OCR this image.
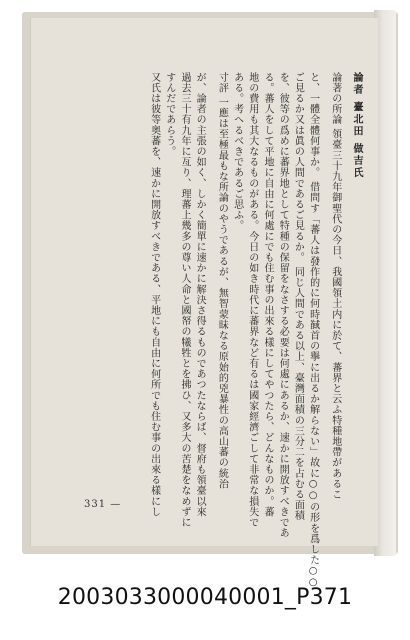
論者 臺北田 做吉氏
論著の所論 領臺三十九年御聖代の今日、我國領土内に於て、蕃界と云ふ特種地帶があるこ
と、一體全體何事か。 借問す「蕃人は發作的に何時馘首の擧に出るか解らない」故に○○の形を爲した○○
ご見るか又は眞の人間であるご見るか。 同じ人間である以上、臺灣面積の三分二を占むる面積
を、彼等の爲めに蕃界地として特種の保留をなさする必要は何處にあるか、速かに開放すべきであ
る。蕃人をして平地に自由に何處にでも住む事の出來る樣にしてやつたら、どんなものか。蕃
地の費用も其大なるものがある。今日の如き時代に蕃界など有るは國家經濟ごして非常な損失で
ある。考へるべきであるご思ふ。
寸評 一應は至極最もな所論のやうであるが、無智蒙昧なる原始的兇暴性の高山蕃の統治
が、論者の主張の如く、しかく簡單に速かに解決さ得るものであつたならば、督府も領臺以來
過去三十有九年に亙り、理蕃上幾多の尊い人命と國帑の犧牲とを拂ひ、又多大の苦楚をなめずに
すんだであらう。
又氏は彼等奥蕃を、速かに開放すべきである、平地にも自由に何所でも住む事の出來る樣にし
331 —
2003033000040001_P371
